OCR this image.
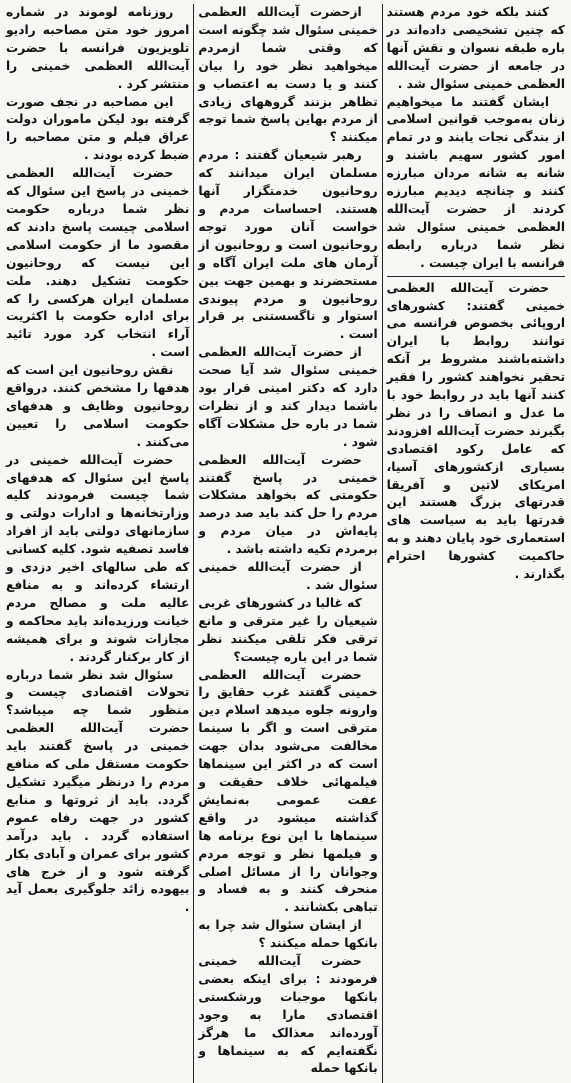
روزنامه لوموند در شماره امروز خود متن مصاحبه رادیو تلویزیون فرانسه با حضرت آیت‌الله العظمی خمینی را منتشر کرد .

این مصاحبه در نجف صورت گرفته بود لیکن ماموران دولت عراق فیلم و متن مصاحبه را ضبط کرده بودند .

حضرت آیت‌الله العظمی خمینی در پاسخ این سئوال که نظر شما درباره حکومت اسلامی چیست پاسخ دادند که مقصود ما از حکومت اسلامی این نیست که روحانیون حکومت تشکیل دهند. ملت مسلمان ایران هرکسی را که برای اداره حکومت با اکثریت آراء انتخاب کرد مورد تائید است .

نقش روحانیون این است که هدفها را مشخص کنند. درواقع روحانیون وظایف و هدفهای حکومت اسلامی را تعیین می‌کنند .

حضرت آیت‌الله خمینی در پاسخ این سئوال که هدفهای شما چیست فرمودند کلیه وزارتخانه‌ها و ادارات دولتی و سازمانهای دولتی باید از افراد فاسد تصفیه شود. کلیه کسانی که طی سالهای اخیر دزدی و ارتشاء کرده‌اند و به منافع عالیه ملت و مصالح مردم خیانت ورزیده‌اند باید محاکمه و مجازات شوند و برای همیشه از کار برکنار گردند .

سئوال شد نظر شما درباره تحولات اقتصادی چیست و منظور شما چه میباشد؟ حضرت آیت‌الله العظمی خمینی در پاسخ گفتند باید حکومت مستقل ملی که منافع مردم را درنظر میگیرد تشکیل گردد. باید از ثروتها و منابع کشور در جهت رفاه عموم استفاده گردد . باید درآمد کشور برای عمران و آبادی بکار گرفته شود و از خرج های بیهوده زائد جلوگیری بعمل آید .

ازحضرت آیت‌الله العظمی خمینی سئوال شد چگونه است که وقتی شما ازمردم میخواهید نظر خود را بیان کنند و یا دست به اعتصاب و تظاهر بزنند گروههای زیادی از مردم بهاین پاسخ شما توجه میکنند ؟

رهبر شیعیان گفتند : مردم مسلمان ایران میدانند که روحانیون خدمتگزار آنها هستند. احساسات مردم و خواست آنان مورد توجه روحانیون است و روحانیون از آرمان های ملت ایران آگاه و مستحضرند و بهمین جهت بین روحانیون و مردم پیوندی استوار و ناگسستنی بر قرار است .

از حضرت آیت‌الله العظمی خمینی سئوال شد آیا صحت دارد که دکتر امینی قرار بود باشما دیدار کند و از نظرات شما در باره حل مشکلات آگاه شود .

حضرت آیت‌الله العظمی خمینی در پاسخ گفتند حکومتی که بخواهد مشکلات مردم را حل کند باید صد درصد پایه‌اش در میان مردم و برمردم تکیه داشته باشد .

از حضرت آیت‌الله خمینی سئوال شد .

که غالبا در کشورهای غربی شیعیان را غیر مترقی و مانع ترقی فکر تلقی میکنند نظر شما در این باره چیست؟

حضرت آیت‌الله العظمی خمینی گفتند غرب حقایق را وارونه جلوه میدهد اسلام دین مترقی است و اگر با سینما مخالفت می‌شود بدان جهت است که در اکثر این سینماها فیلمهائی خلاف حقیقت و عفت عمومی به‌نمایش گذاشته میشود در واقع سینماها با این نوع برنامه ها و فیلمها نظر و توجه مردم وجوانان را از مسائل اصلی منحرف کنند و به فساد و تباهی بکشانند .

از ایشان سئوال شد چرا به بانکها حمله میکنند ؟

حضرت آیت‌الله خمینی فرمودند : برای اینکه بعضی بانکها موجبات ورشکستی اقتصادی مارا به وجود آورده‌اند معذالک ما هرگز نگفته‌ایم که به سینماها و بانکها حمله

کنند بلکه خود مردم هستند که چنین تشخیصی داده‌اند در باره طبقه نسوان و نقش آنها در جامعه از حضرت آیت‌الله العظمی خمینی سئوال شد .

ایشان گفتند ما میخواهیم زنان به‌موجب قوانین اسلامی از بندگی نجات یابند و در تمام امور کشور سهیم باشند و شانه به شانه مردان مبارزه کنند و چنانچه دیدیم مبارزه کردند از حضرت آیت‌الله العظمی خمینی سئوال شد نظر شما درباره رابطه فرانسه با ایران چیست .

حضرت آیت‌الله العظمی خمینی گفتند: کشورهای اروپائی بخصوص فرانسه می توانند روابط با ایران داشته‌باشند مشروط بر آنکه تحقیر نخواهند کشور را فقیر کنند آنها باید در روابط خود با ما عدل و انصاف را در نظر بگیرند حضرت آیت‌الله افزودند که عامل رکود اقتصادی بسیاری ازکشورهای آسیا، امریکای لاتین و آفریقا قدرتهای بزرگ هستند این قدرتها باید به سیاست های استعماری خود پایان دهند و به حاکمیت کشورها احترام بگذارند .
